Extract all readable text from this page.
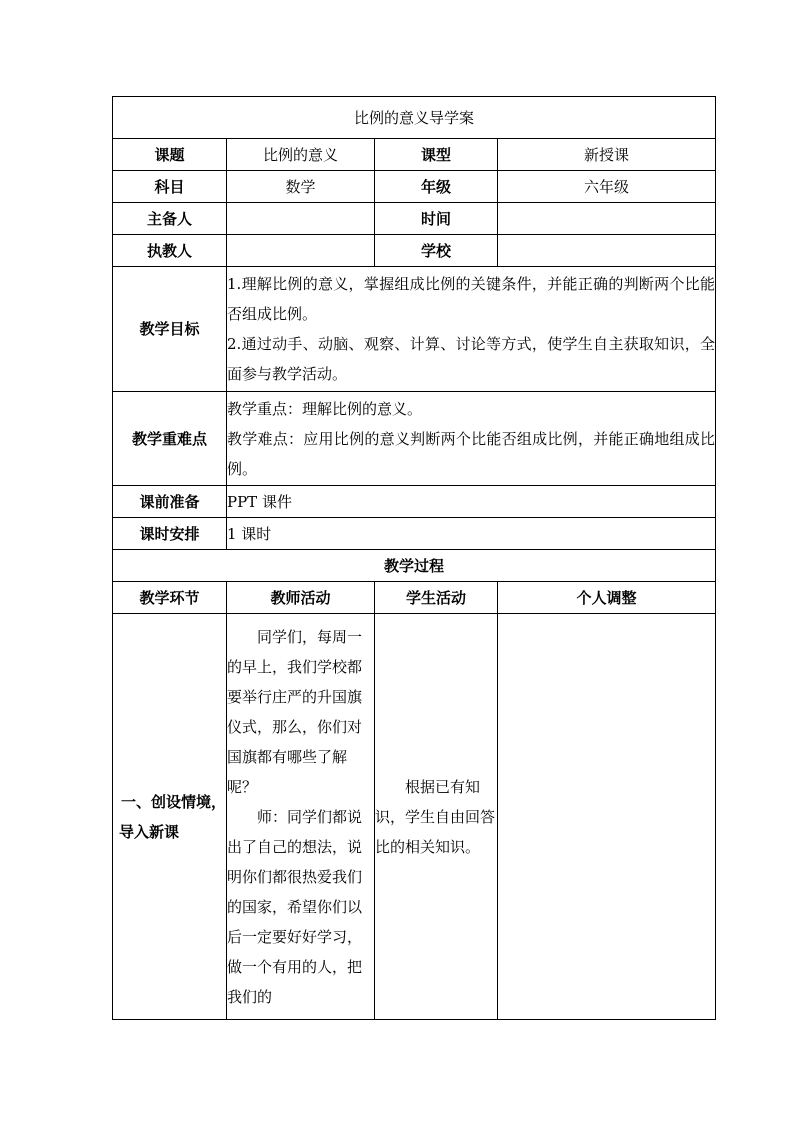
比例的意义导学案			
课题	比例的意义	课型	新授课
科目	数学	年级	六年级
主备人		时间	
执教人		学校	
教学目标	1.理解比例的意义，掌握组成比例的关键条件，并能正确的判断两个比能否组成比例。
2.通过动手、动脑、观察、计算、讨论等方式，使学生自主获取知识，全面参与教学活动。		

教学重难点	教学重点：理解比例的意义。
教学难点：应用比例的意义判断两个比能否组成比例，并能正确地组成比例。		

课前准备	PPT 课件		
课时安排	1 课时		
教学过程			
教学环节	教师活动	学生活动	个人调整

一、创设情境，
导入新课	同学们，每周一的早上，我们学校都要举行庄严的升国旗仪式，那么，你们对国旗都有哪些了解呢？
师：同学们都说出了自己的想法，说明你们都很热爱我们的国家，希望你们以后一定要好好学习，做一个有用的人，把我们的	根据已有知识，学生自由回答比的相关知识。	
